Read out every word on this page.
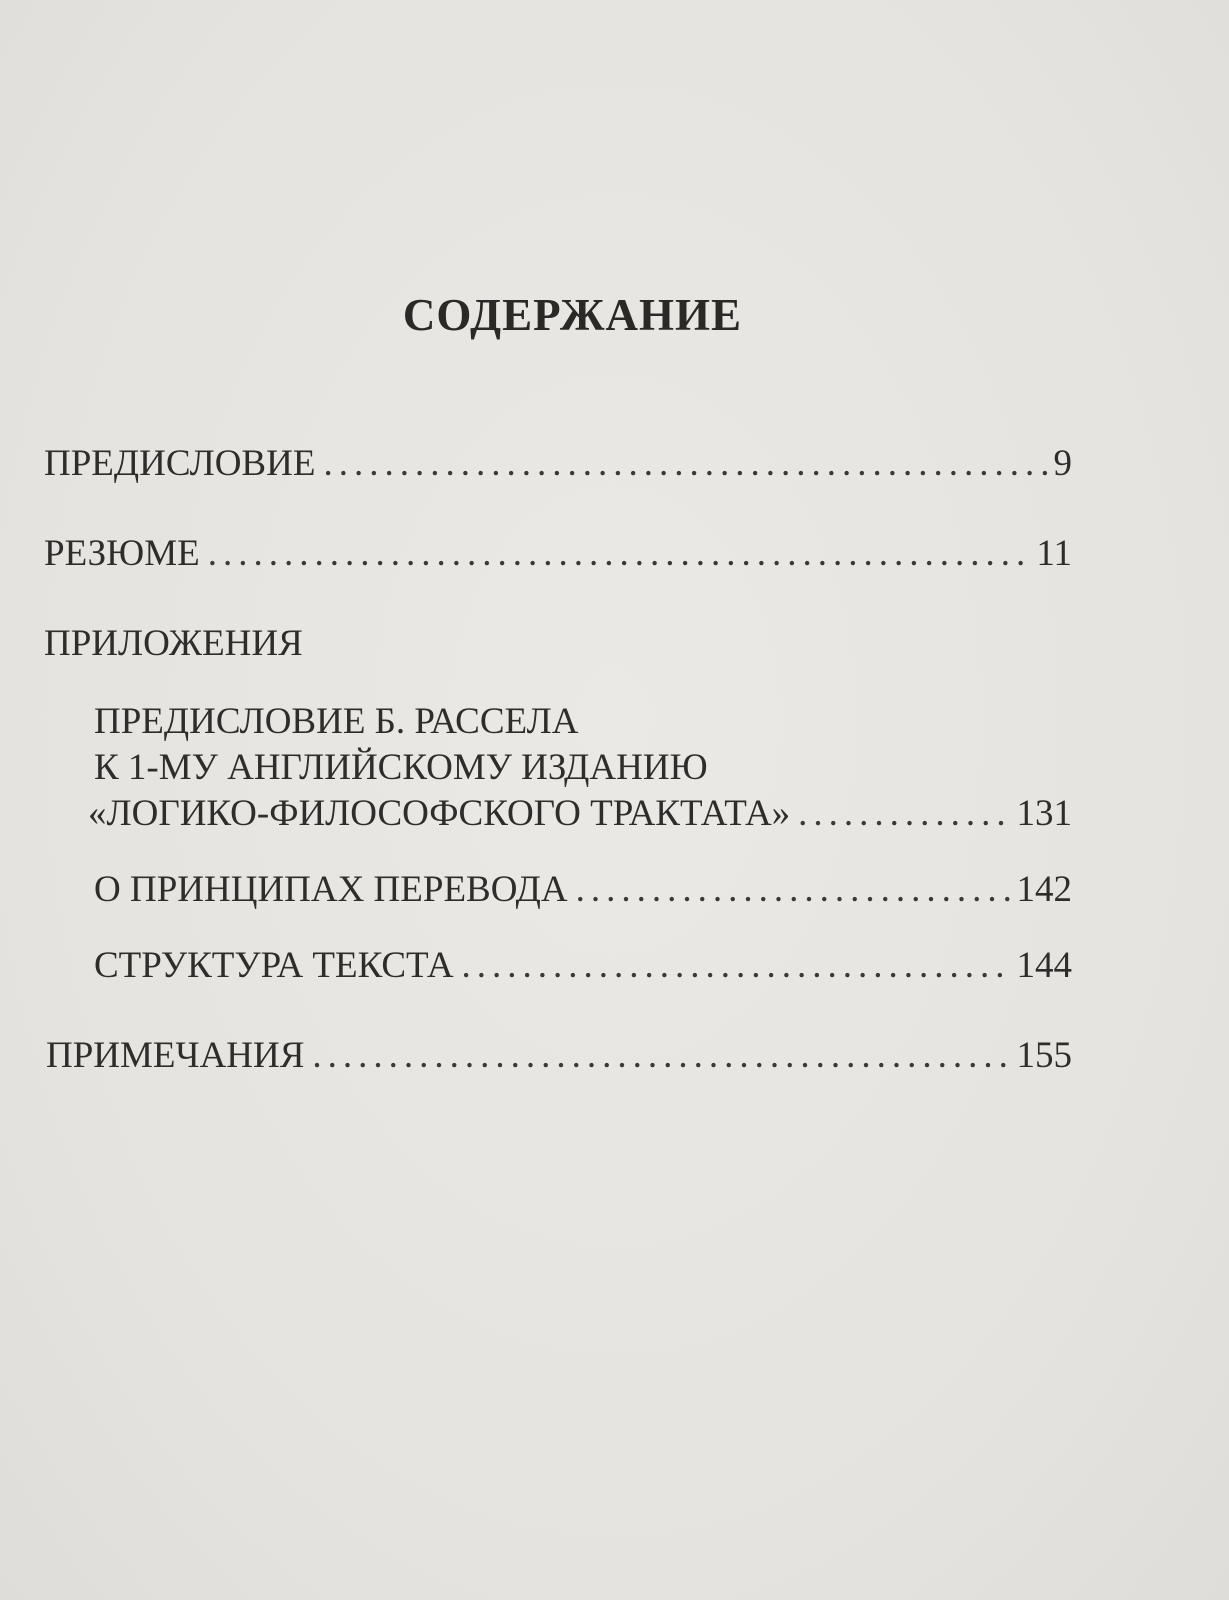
СОДЕРЖАНИЕ
ПРЕДИСЛОВИЕ .....	9
РЕЗЮМЕ .....	11
ПРИЛОЖЕНИЯ
ПРЕДИСЛОВИЕ Б. РАССЕЛА
К 1-МУ АНГЛИЙСКОМУ ИЗДАНИЮ
«ЛОГИКО-ФИЛОСОФСКОГО ТРАКТАТА» .....	131
О ПРИНЦИПАХ ПЕРЕВОДА .....	142
СТРУКТУРА ТЕКСТА .....	144
ПРИМЕЧАНИЯ .....	155
